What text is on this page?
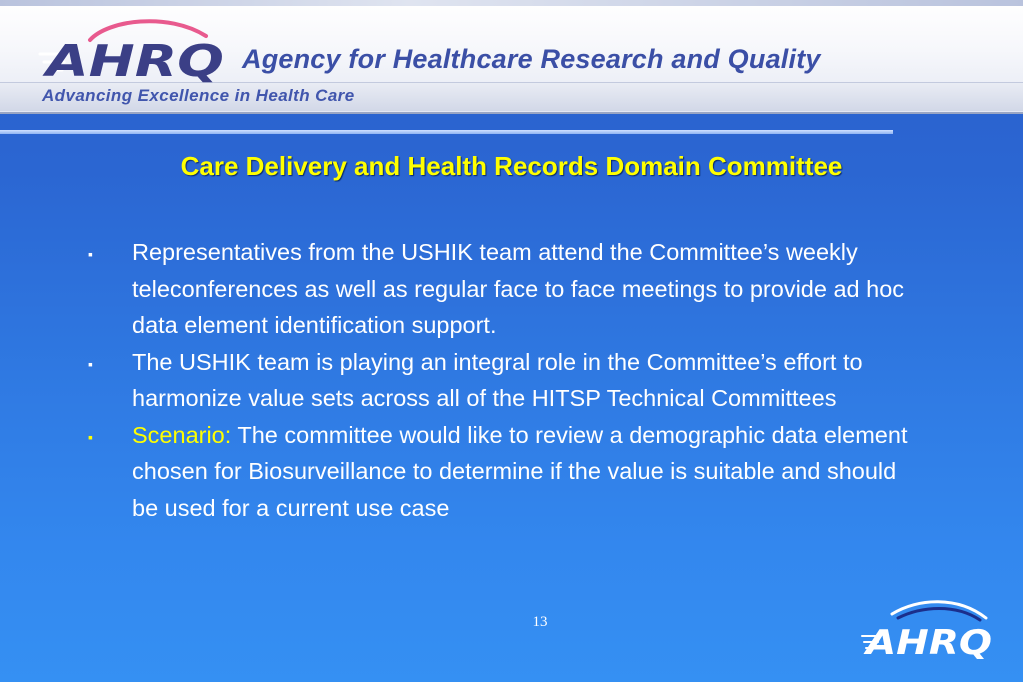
AHRQ Agency for Healthcare Research and Quality

Advancing Excellence in Health Care

Care Delivery and Health Records Domain Committee
▪ Representatives from the USHIK team attend the Committee’s weekly teleconferences as well as regular face to face meetings to provide ad hoc data element identification support.
▪ The USHIK team is playing an integral role in the Committee’s effort to harmonize value sets across all of the HITSP Technical Committees
▪ Scenario: The committee would like to review a demographic data element chosen for Biosurveillance to determine if the value is suitable and should be used for a current use case

13

AHRQ
